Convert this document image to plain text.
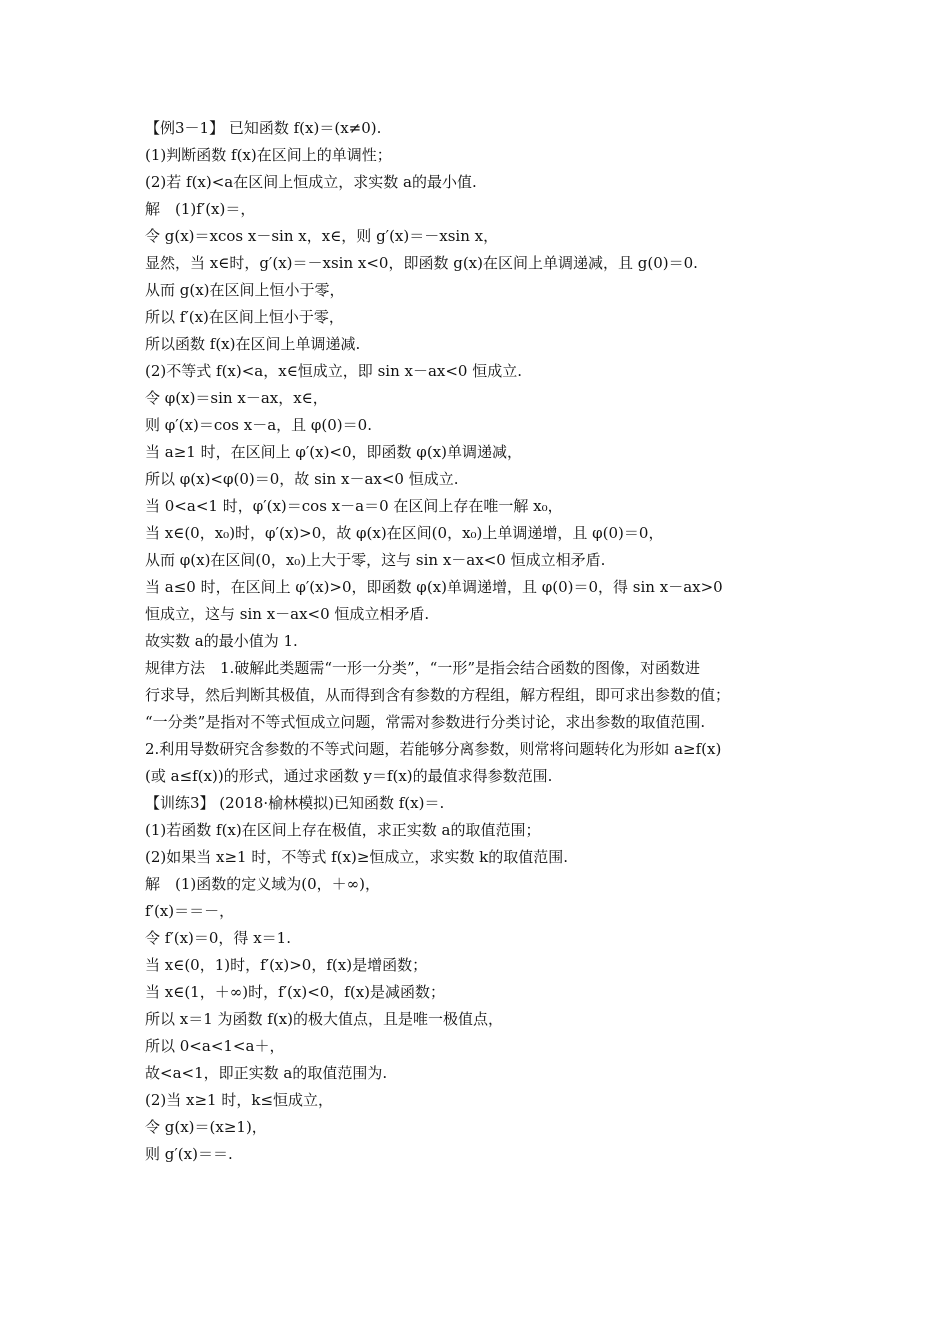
【例3－1】 已知函数 f(x)＝(x≠0).
(1)判断函数 f(x)在区间上的单调性；
(2)若 f(x)<a在区间上恒成立，求实数 a的最小值.
解　(1)f′(x)＝，
令 g(x)＝xcos x－sin x，x∈，则 g′(x)＝－xsin x，
显然，当 x∈时，g′(x)＝－xsin x<0，即函数 g(x)在区间上单调递减，且 g(0)＝0.
从而 g(x)在区间上恒小于零，
所以 f′(x)在区间上恒小于零，
所以函数 f(x)在区间上单调递减.
(2)不等式 f(x)<a，x∈恒成立，即 sin x－ax<0 恒成立.
令 φ(x)＝sin x－ax，x∈，
则 φ′(x)＝cos x－a，且 φ(0)＝0.
当 a≥1 时，在区间上 φ′(x)<0，即函数 φ(x)单调递减，
所以 φ(x)<φ(0)＝0，故 sin x－ax<0 恒成立.
当 0<a<1 时，φ′(x)＝cos x－a＝0 在区间上存在唯一解 x₀，
当 x∈(0，x₀)时，φ′(x)>0，故 φ(x)在区间(0，x₀)上单调递增，且 φ(0)＝0，
从而 φ(x)在区间(0，x₀)上大于零，这与 sin x－ax<0 恒成立相矛盾.
当 a≤0 时，在区间上 φ′(x)>0，即函数 φ(x)单调递增，且 φ(0)＝0，得 sin x－ax>0
恒成立，这与 sin x－ax<0 恒成立相矛盾.
故实数 a的最小值为 1.
规律方法　1.破解此类题需“一形一分类”，“一形”是指会结合函数的图像，对函数进
行求导，然后判断其极值，从而得到含有参数的方程组，解方程组，即可求出参数的值；
“一分类”是指对不等式恒成立问题，常需对参数进行分类讨论，求出参数的取值范围.
2.利用导数研究含参数的不等式问题，若能够分离参数，则常将问题转化为形如 a≥f(x)
(或 a≤f(x))的形式，通过求函数 y＝f(x)的最值求得参数范围.
【训练3】 (2018·榆林模拟)已知函数 f(x)＝.
(1)若函数 f(x)在区间上存在极值，求正实数 a的取值范围；
(2)如果当 x≥1 时，不等式 f(x)≥恒成立，求实数 k的取值范围.
解　(1)函数的定义域为(0，＋∞)，
f′(x)＝＝－，
令 f′(x)＝0，得 x＝1.
当 x∈(0，1)时，f′(x)>0，f(x)是增函数；
当 x∈(1，＋∞)时，f′(x)<0，f(x)是减函数；
所以 x＝1 为函数 f(x)的极大值点，且是唯一极值点，
所以 0<a<1<a＋，
故<a<1，即正实数 a的取值范围为.
(2)当 x≥1 时，k≤恒成立，
令 g(x)＝(x≥1)，
则 g′(x)＝＝.
